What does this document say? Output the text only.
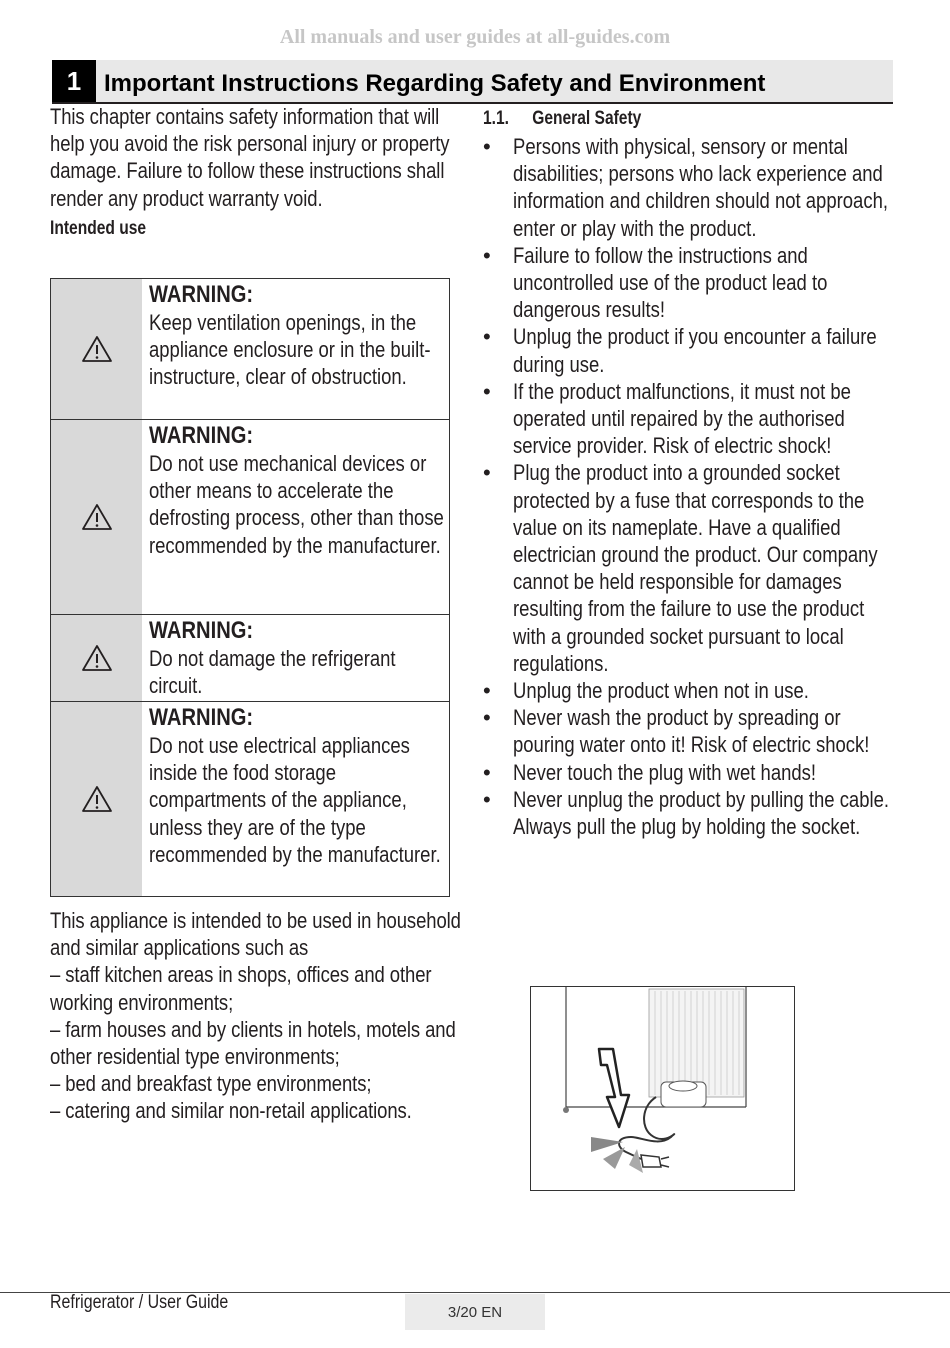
All manuals and user guides at all-guides.com
1 Important Instructions Regarding Safety and Environment

This chapter contains safety information that will help you avoid the risk personal injury or property damage. Failure to follow these instructions shall render any product warranty void.

Intended use

WARNING:
Keep ventilation openings, in the appliance enclosure or in the built-instructure, clear of obstruction.
WARNING:
Do not use mechanical devices or other means to accelerate the defrosting process, other than those recommended by the manufacturer.
WARNING:
Do not damage the refrigerant circuit.
WARNING:
Do not use electrical appliances inside the food storage compartments of the appliance, unless they are of the type recommended by the manufacturer.

This appliance is intended to be used in household and similar applications such as

– staff kitchen areas in shops, offices and other working environments;

– farm houses and by clients in hotels, motels and other residential type environments;

– bed and breakfast type environments;

– catering and similar non-retail applications.

1.1. General Safety
• Persons with physical, sensory or mental disabilities; persons who lack experience and information and children should not approach, enter or play with the product.
• Failure to follow the instructions and uncontrolled use of the product lead to dangerous results!
• Unplug the product if you encounter a failure during use.
• If the product malfunctions, it must not be operated until repaired by the authorised service provider. Risk of electric shock!
• Plug the product into a grounded socket protected by a fuse that corresponds to the value on its nameplate. Have a qualified electrician ground the product. Our company cannot be held responsible for damages resulting from the failure to use the product with a grounded socket pursuant to local regulations.
• Unplug the product when not in use.
• Never wash the product by spreading or pouring water onto it! Risk of electric shock!
• Never touch the plug with wet hands!
• Never unplug the product by pulling the cable. Always pull the plug by holding the socket.
Refrigerator / User Guide	3/20 EN
